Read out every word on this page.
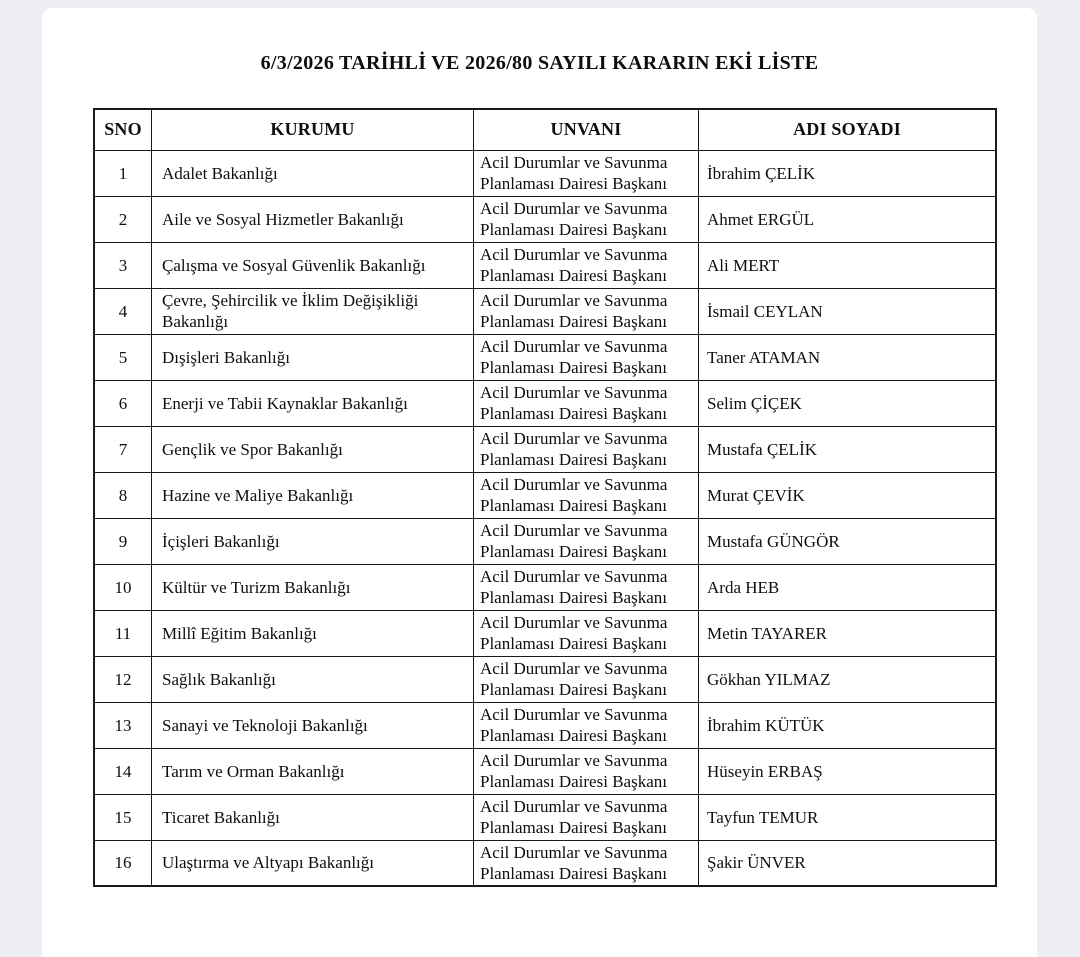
6/3/2026 TARİHLİ VE 2026/80 SAYILI KARARIN EKİ LİSTE
SNO	KURUMU	UNVANI	ADI SOYADI
1	Adalet Bakanlığı	Acil Durumlar ve Savunma Planlaması Dairesi Başkanı	İbrahim ÇELİK
2	Aile ve Sosyal Hizmetler Bakanlığı	Acil Durumlar ve Savunma Planlaması Dairesi Başkanı	Ahmet ERGÜL
3	Çalışma ve Sosyal Güvenlik Bakanlığı	Acil Durumlar ve Savunma Planlaması Dairesi Başkanı	Ali MERT
4	Çevre, Şehircilik ve İklim Değişikliği Bakanlığı	Acil Durumlar ve Savunma Planlaması Dairesi Başkanı	İsmail CEYLAN
5	Dışişleri Bakanlığı	Acil Durumlar ve Savunma Planlaması Dairesi Başkanı	Taner ATAMAN
6	Enerji ve Tabii Kaynaklar Bakanlığı	Acil Durumlar ve Savunma Planlaması Dairesi Başkanı	Selim ÇİÇEK
7	Gençlik ve Spor Bakanlığı	Acil Durumlar ve Savunma Planlaması Dairesi Başkanı	Mustafa ÇELİK
8	Hazine ve Maliye Bakanlığı	Acil Durumlar ve Savunma Planlaması Dairesi Başkanı	Murat ÇEVİK
9	İçişleri Bakanlığı	Acil Durumlar ve Savunma Planlaması Dairesi Başkanı	Mustafa GÜNGÖR
10	Kültür ve Turizm Bakanlığı	Acil Durumlar ve Savunma Planlaması Dairesi Başkanı	Arda HEB
11	Millî Eğitim Bakanlığı	Acil Durumlar ve Savunma Planlaması Dairesi Başkanı	Metin TAYARER
12	Sağlık Bakanlığı	Acil Durumlar ve Savunma Planlaması Dairesi Başkanı	Gökhan YILMAZ
13	Sanayi ve Teknoloji Bakanlığı	Acil Durumlar ve Savunma Planlaması Dairesi Başkanı	İbrahim KÜTÜK
14	Tarım ve Orman Bakanlığı	Acil Durumlar ve Savunma Planlaması Dairesi Başkanı	Hüseyin ERBAŞ
15	Ticaret Bakanlığı	Acil Durumlar ve Savunma Planlaması Dairesi Başkanı	Tayfun TEMUR
16	Ulaştırma ve Altyapı Bakanlığı	Acil Durumlar ve Savunma Planlaması Dairesi Başkanı	Şakir ÜNVER
